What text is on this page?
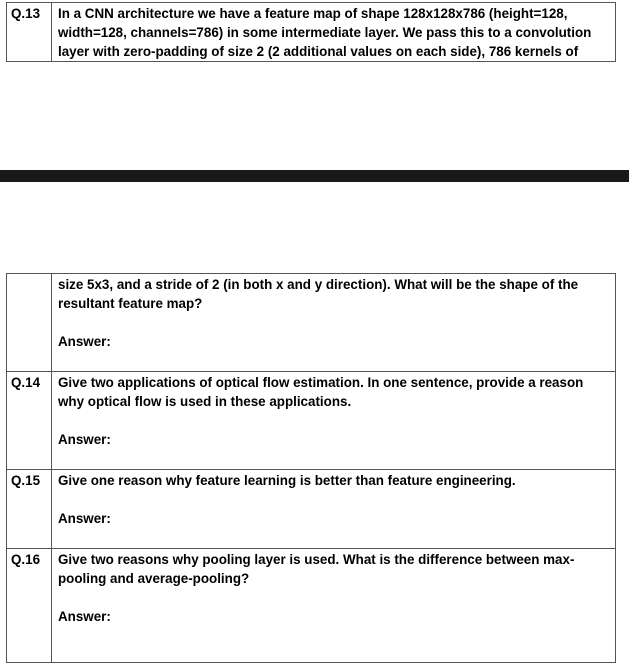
Q.13	In a CNN architecture we have a feature map of shape 128x128x786 (height=128,
width=128, channels=786) in some intermediate layer. We pass this to a convolution
layer with zero-padding of size 2 (2 additional values on each side), 786 kernels of

	size 5x3, and a stride of 2 (in both x and y direction). What will be the shape of the
resultant feature map?
Answer:

Q.14	Give two applications of optical flow estimation. In one sentence, provide a reason
why optical flow is used in these applications.
Answer:

Q.15	Give one reason why feature learning is better than feature engineering.
Answer:

Q.16	Give two reasons why pooling layer is used. What is the difference between max-
pooling and average-pooling?
Answer:
